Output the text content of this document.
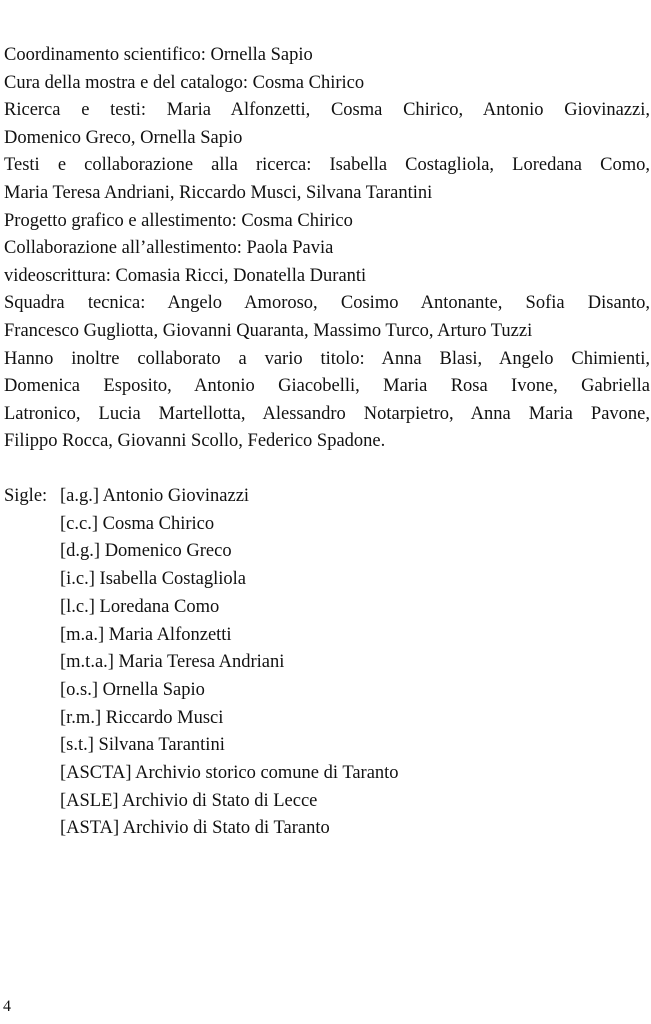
Coordinamento scientifico: Ornella Sapio
Cura della mostra e del catalogo: Cosma Chirico
Ricerca e testi: Maria Alfonzetti, Cosma Chirico, Antonio Giovinazzi,
Domenico Greco, Ornella Sapio
Testi e collaborazione alla ricerca: Isabella Costagliola, Loredana Como,
Maria Teresa Andriani, Riccardo Musci, Silvana Tarantini
Progetto grafico e allestimento: Cosma Chirico
Collaborazione all’allestimento: Paola Pavia
videoscrittura: Comasia Ricci, Donatella Duranti
Squadra tecnica: Angelo Amoroso, Cosimo Antonante, Sofia Disanto,
Francesco Gugliotta, Giovanni Quaranta, Massimo Turco, Arturo Tuzzi
Hanno inoltre collaborato a vario titolo: Anna Blasi, Angelo Chimienti,
Domenica Esposito, Antonio Giacobelli, Maria Rosa Ivone, Gabriella
Latronico, Lucia Martellotta, Alessandro Notarpietro, Anna Maria Pavone,
Filippo Rocca, Giovanni Scollo, Federico Spadone.
Sigle: [a.g.] Antonio Giovinazzi
[c.c.] Cosma Chirico
[d.g.] Domenico Greco
[i.c.] Isabella Costagliola
[l.c.] Loredana Como
[m.a.] Maria Alfonzetti
[m.t.a.] Maria Teresa Andriani
[o.s.] Ornella Sapio
[r.m.] Riccardo Musci
[s.t.] Silvana Tarantini
[ASCTA] Archivio storico comune di Taranto
[ASLE] Archivio di Stato di Lecce
[ASTA] Archivio di Stato di Taranto
4
